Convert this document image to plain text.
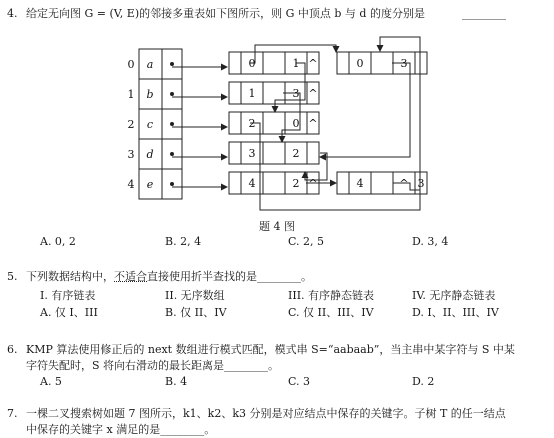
4. 给定无向图 G = (V, E)的邻接多重表如下图所示，则 G 中顶点 b 与 d 的度分别是	________
0 a
1 b
2 c
3 d
4 e
0	1 ^	0	3
1	3 ^
2	0 ^
3	2
4	2 ^	4	^ 3
题 4 图
A. 0, 2	B. 2, 4	C. 2, 5	D. 3, 4
5. 下列数据结构中，不适合直接使用折半查找的是________。
I. 有序链表	II. 无序数组	III. 有序静态链表	IV. 无序静态链表
A. 仅 I、III	B. 仅 II、IV	C. 仅 II、III、IV	D. I、II、III、IV
6. KMP 算法使用修正后的 next 数组进行模式匹配，模式串 S=“aabaab”，当主串中某字符与 S 中某
字符失配时，S 将向右滑动的最长距离是________。
A. 5	B. 4	C. 3	D. 2
7. 一棵二叉搜索树如题 7 图所示，k1、k2、k3 分别是对应结点中保存的关键字。子树 T 的任一结点
中保存的关键字 x 满足的是________。
